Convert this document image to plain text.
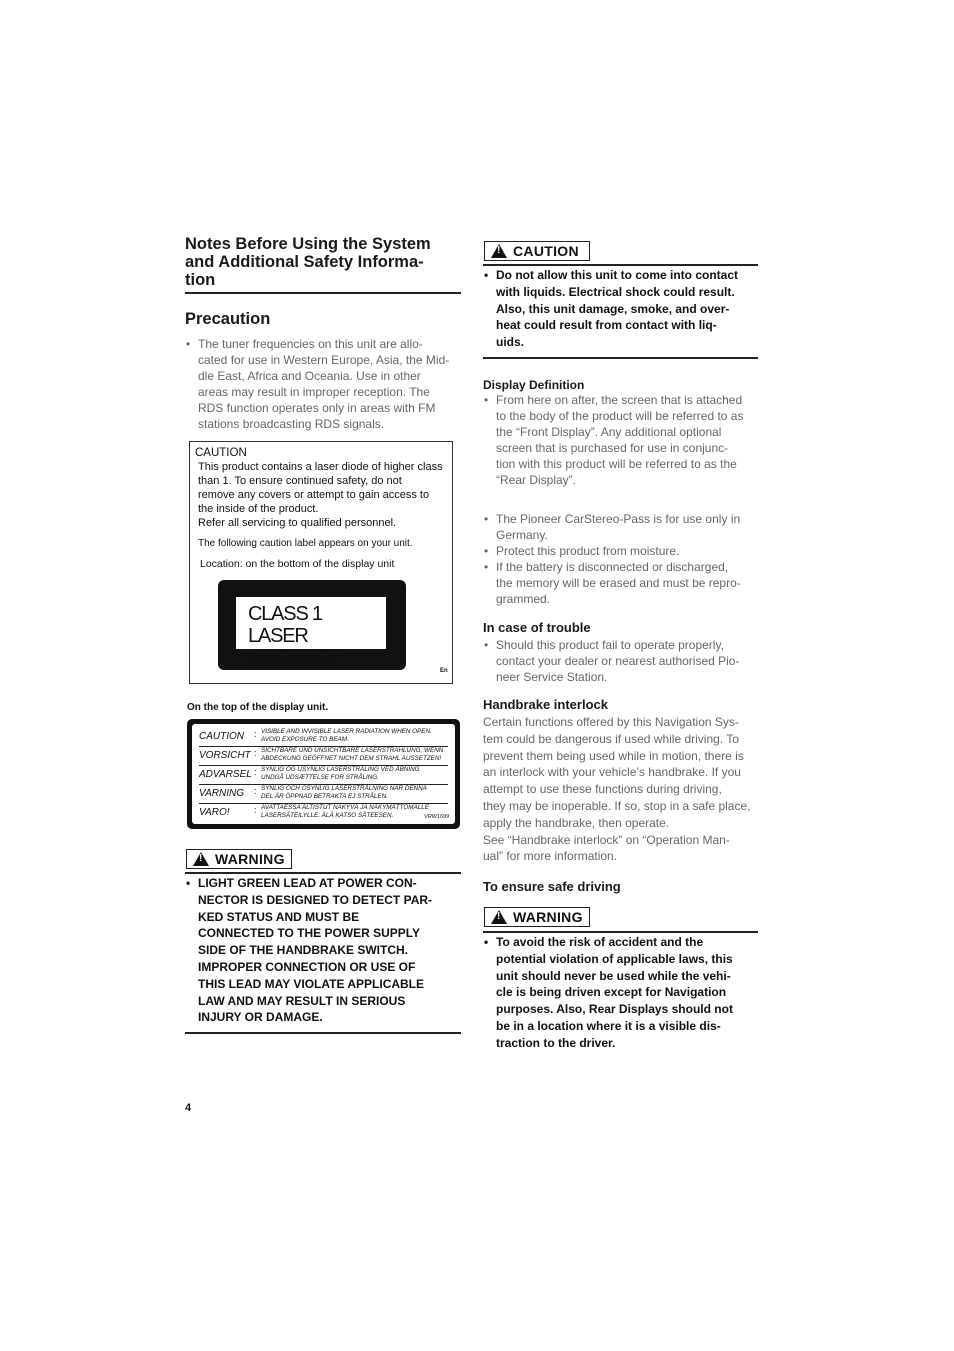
Notes Before Using the System
and Additional Safety Informa-
tion
Precaution
• The tuner frequencies on this unit are allo-
cated for use in Western Europe, Asia, the Mid-
dle East, Africa and Oceania. Use in other
areas may result in improper reception. The
RDS function operates only in areas with FM
stations broadcasting RDS signals.
CAUTION
This product contains a laser diode of higher class
than 1. To ensure continued safety, do not
remove any covers or attempt to gain access to
the inside of the product.
Refer all servicing to qualified personnel.
The following caution label appears on your unit.
Location: on the bottom of the display unit
CLASS 1
LASER PRODUCT
En
On the top of the display unit.
CAUTION : VISIBLE AND INVISIBLE LASER RADIATION WHEN OPEN.
AVOID EXPOSURE TO BEAM.
VORSICHT : SICHTBARE UND UNSICHTBARE LASERSTRAHLUNG, WENN
ABDECKUNG GEÖFFNET NICHT DEM STRAHL AUSSETZEN!
ADVARSEL : SYNLIG OG USYNLIG LASERSTRÅLING VED ÅBNING
UNDGÅ UDSÆTTELSE FOR STRÅLING.
VARNING : SYNLIG OCH OSYNLIG LASERSTRÅLNING NÄR DENNA
DEL ÄR ÖPPNAD BETRAKTA EJ STRÅLEN.
VARO!	: AVATTAESSA ALTISTUT NÄKYVÄ JA NÄKYMÄTTÖMÄLLE
LASERSÄTEILYLLE. ÄLÄ KATSO SÄTEESEN.	VRW1699
!
WARNING
• LIGHT GREEN LEAD AT POWER CON-
NECTOR IS DESIGNED TO DETECT PAR-
KED STATUS AND MUST BE
CONNECTED TO THE POWER SUPPLY
SIDE OF THE HANDBRAKE SWITCH.
IMPROPER CONNECTION OR USE OF
THIS LEAD MAY VIOLATE APPLICABLE
LAW AND MAY RESULT IN SERIOUS
INJURY OR DAMAGE.
!
CAUTION
• Do not allow this unit to come into contact
with liquids. Electrical shock could result.
Also, this unit damage, smoke, and over-
heat could result from contact with liq-
uids.
Display Definition
• From here on after, the screen that is attached
to the body of the product will be referred to as
the “Front Display”. Any additional optional
screen that is purchased for use in conjunc-
tion with this product will be referred to as the
“Rear Display”.
• The Pioneer CarStereo-Pass is for use only in
Germany.
• Protect this product from moisture.
• If the battery is disconnected or discharged,
the memory will be erased and must be repro-
grammed.
In case of trouble
• Should this product fail to operate properly,
contact your dealer or nearest authorised Pio-
neer Service Station.
Handbrake interlock

Certain functions offered by this Navigation Sys-
tem could be dangerous if used while driving. To
prevent them being used while in motion, there is
an interlock with your vehicle’s handbrake. If you
attempt to use these functions during driving,
they may be inoperable. If so, stop in a safe place,
apply the handbrake, then operate.
See “Handbrake interlock” on “Operation Man-
ual” for more information.

To ensure safe driving
!
WARNING
• To avoid the risk of accident and the
potential violation of applicable laws, this
unit should never be used while the vehi-
cle is being driven except for Navigation
purposes. Also, Rear Displays should not
be in a location where it is a visible dis-
traction to the driver.
4
